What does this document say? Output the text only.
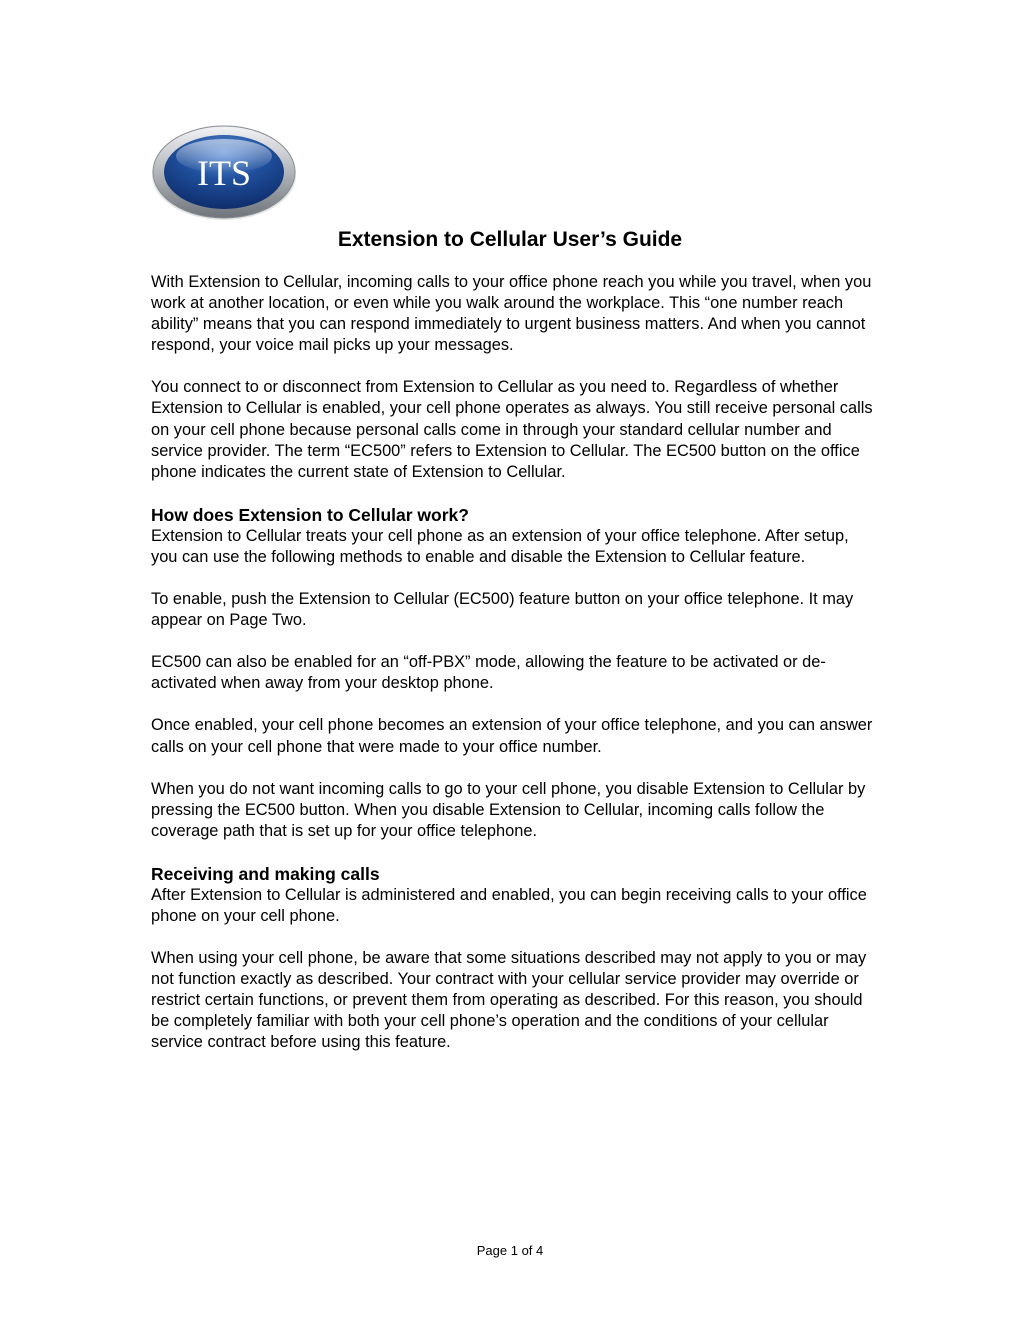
ITS
Extension to Cellular User’s Guide

With Extension to Cellular, incoming calls to your office phone reach you while you travel, when you work at another location, or even while you walk around the workplace. This “one number reach ability” means that you can respond immediately to urgent business matters. And when you cannot respond, your voice mail picks up your messages.

You connect to or disconnect from Extension to Cellular as you need to. Regardless of whether Extension to Cellular is enabled, your cell phone operates as always. You still receive personal calls on your cell phone because personal calls come in through your standard cellular number and service provider. The term “EC500” refers to Extension to Cellular. The EC500 button on the office phone indicates the current state of Extension to Cellular.

How does Extension to Cellular work?

Extension to Cellular treats your cell phone as an extension of your office telephone. After setup, you can use the following methods to enable and disable the Extension to Cellular feature.

To enable, push the Extension to Cellular (EC500) feature button on your office telephone. It may appear on Page Two.

EC500 can also be enabled for an “off-PBX” mode, allowing the feature to be activated or de-activated when away from your desktop phone.

Once enabled, your cell phone becomes an extension of your office telephone, and you can answer calls on your cell phone that were made to your office number.

When you do not want incoming calls to go to your cell phone, you disable Extension to Cellular by pressing the EC500 button. When you disable Extension to Cellular, incoming calls follow the coverage path that is set up for your office telephone.

Receiving and making calls

After Extension to Cellular is administered and enabled, you can begin receiving calls to your office phone on your cell phone.

When using your cell phone, be aware that some situations described may not apply to you or may not function exactly as described. Your contract with your cellular service provider may override or restrict certain functions, or prevent them from operating as described. For this reason, you should be completely familiar with both your cell phone’s operation and the conditions of your cellular service contract before using this feature.

Page 1 of 4
